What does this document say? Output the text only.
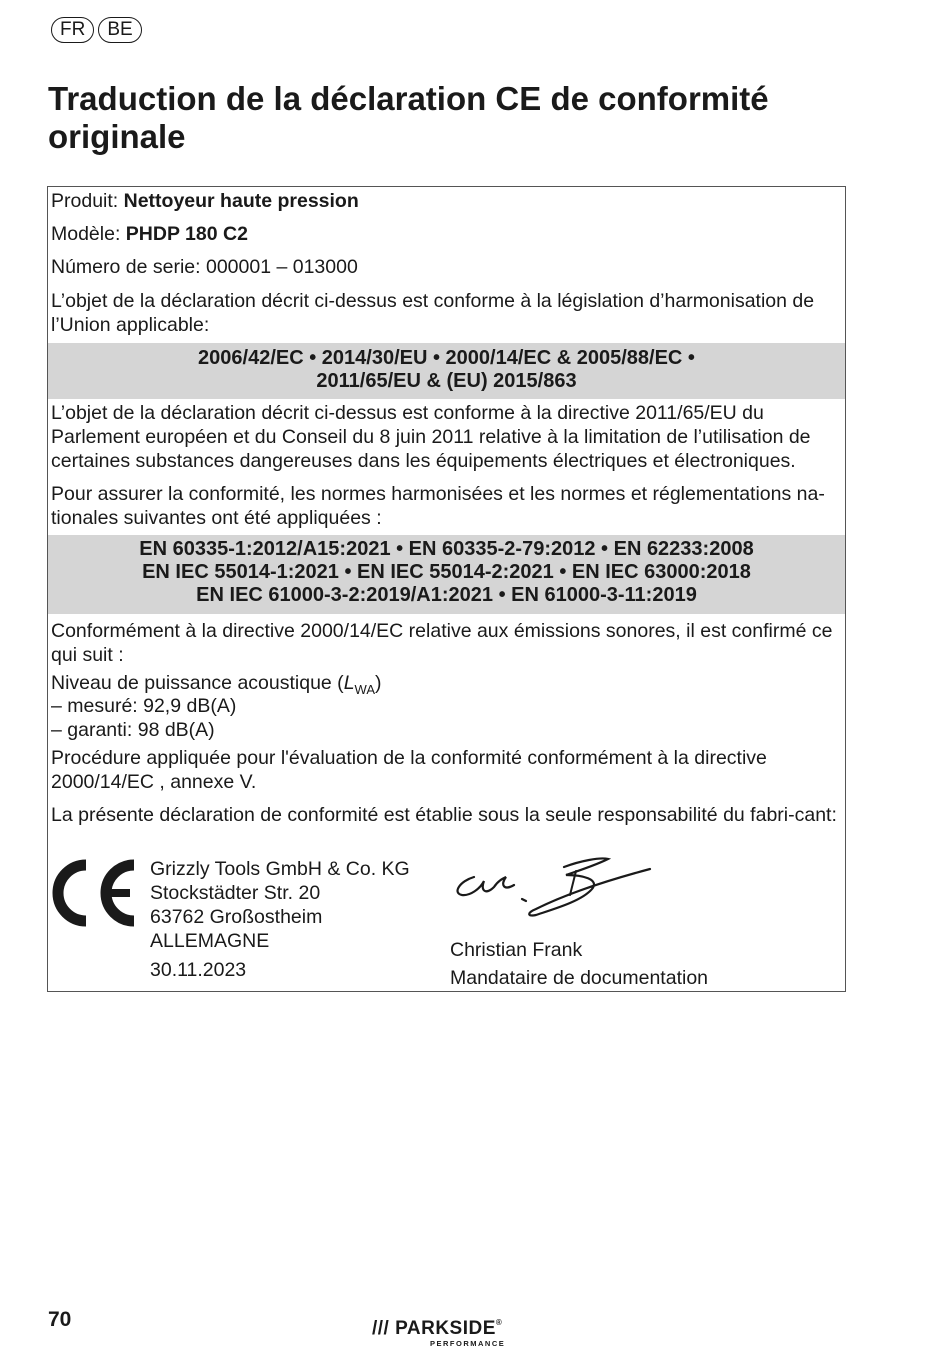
FR	BE
Traduction de la déclaration CE de conformité originale

Produit: Nettoyeur haute pression

Modèle: PHDP 180 C2

Número de serie: 000001 – 013000

L’objet de la déclaration décrit ci-dessus est conforme à la législation d’harmonisation de l’Union applicable:

2006/42/EC • 2014/30/EU • 2000/14/EC & 2005/88/EC •
2011/65/EU & (EU) 2015/863

L’objet de la déclaration décrit ci-dessus est conforme à la directive 2011/65/EU du Parlement européen et du Conseil du 8 juin 2011 relative à la limitation de l’utilisation de certaines substances dangereuses dans les équipements électriques et électroniques.

Pour assurer la conformité, les normes harmonisées et les normes et réglementations na-tionales suivantes ont été appliquées :

EN 60335-1:2012/A15:2021 • EN 60335-2-79:2012 • EN 62233:2008
EN IEC 55014-1:2021 • EN IEC 55014-2:2021 • EN IEC 63000:2018
EN IEC 61000-3-2:2019/A1:2021 • EN 61000-3-11:2019

Conformément à la directive 2000/14/EC relative aux émissions sonores, il est confirmé ce qui suit :

Niveau de puissance acoustique $(L_{WA})$

– mesuré: 92,9 dB(A)

– garanti: 98 dB(A)

Procédure appliquée pour l'évaluation de la conformité conformément à la directive 2000/14/EC , annexe V.

La présente déclaration de conformité est établie sous la seule responsabilité du fabri-cant:

Grizzly Tools GmbH & Co. KG
Stockstädter Str. 20
63762 Großostheim
ALLEMAGNE
30.11.2023
Christian Frank
Mandataire de documentation
70	/// PARKSIDE®
PERFORMANCE
